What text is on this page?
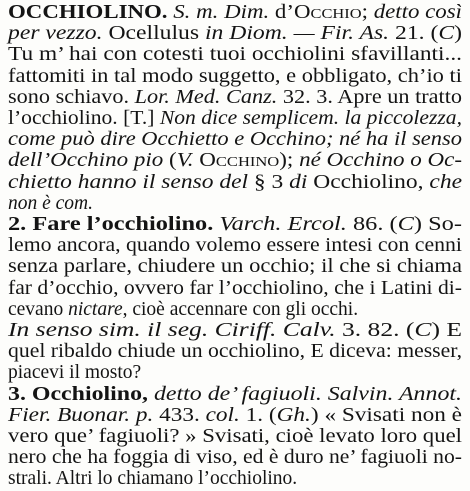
OCCHIOLINO. S. m. Dim. d’Occhio; detto così
per vezzo. Ocellulus in Diom. — Fir. As. 21. (C)
Tu m’ hai con cotesti tuoi occhiolini sfavillanti...
fattomiti in tal modo suggetto, e obbligato, ch’io ti
sono schiavo. Lor. Med. Canz. 32. 3. Apre un tratto
l’occhiolino. [T.] Non dice semplicem. la piccolezza,
come può dire Occhietto e Occhino; né ha il senso
dell’Occhino pio (V. Occhino); né Occhino o Oc-
chietto hanno il senso del § 3 di Occhiolino, che
non è com.
2. Fare l’occhiolino. Varch. Ercol. 86. (C) So-
lemo ancora, quando volemo essere intesi con cenni
senza parlare, chiudere un occhio; il che si chiama
far d’occhio, ovvero far l’occhiolino, che i Latini di-
cevano nictare, cioè accennare con gli occhi.
In senso sim. il seg. Ciriff. Calv. 3. 82. (C) E
quel ribaldo chiude un occhiolino, E diceva: messer,
piacevi il mosto?
3. Occhiolino, detto de’ fagiuoli. Salvin. Annot.
Fier. Buonar. p. 433. col. 1. (Gh.) « Svisati non è
vero que’ fagiuoli? » Svisati, cioè levato loro quel
nero che ha foggia di viso, ed è duro ne’ fagiuoli no-
strali. Altri lo chiamano l’occhiolino.
